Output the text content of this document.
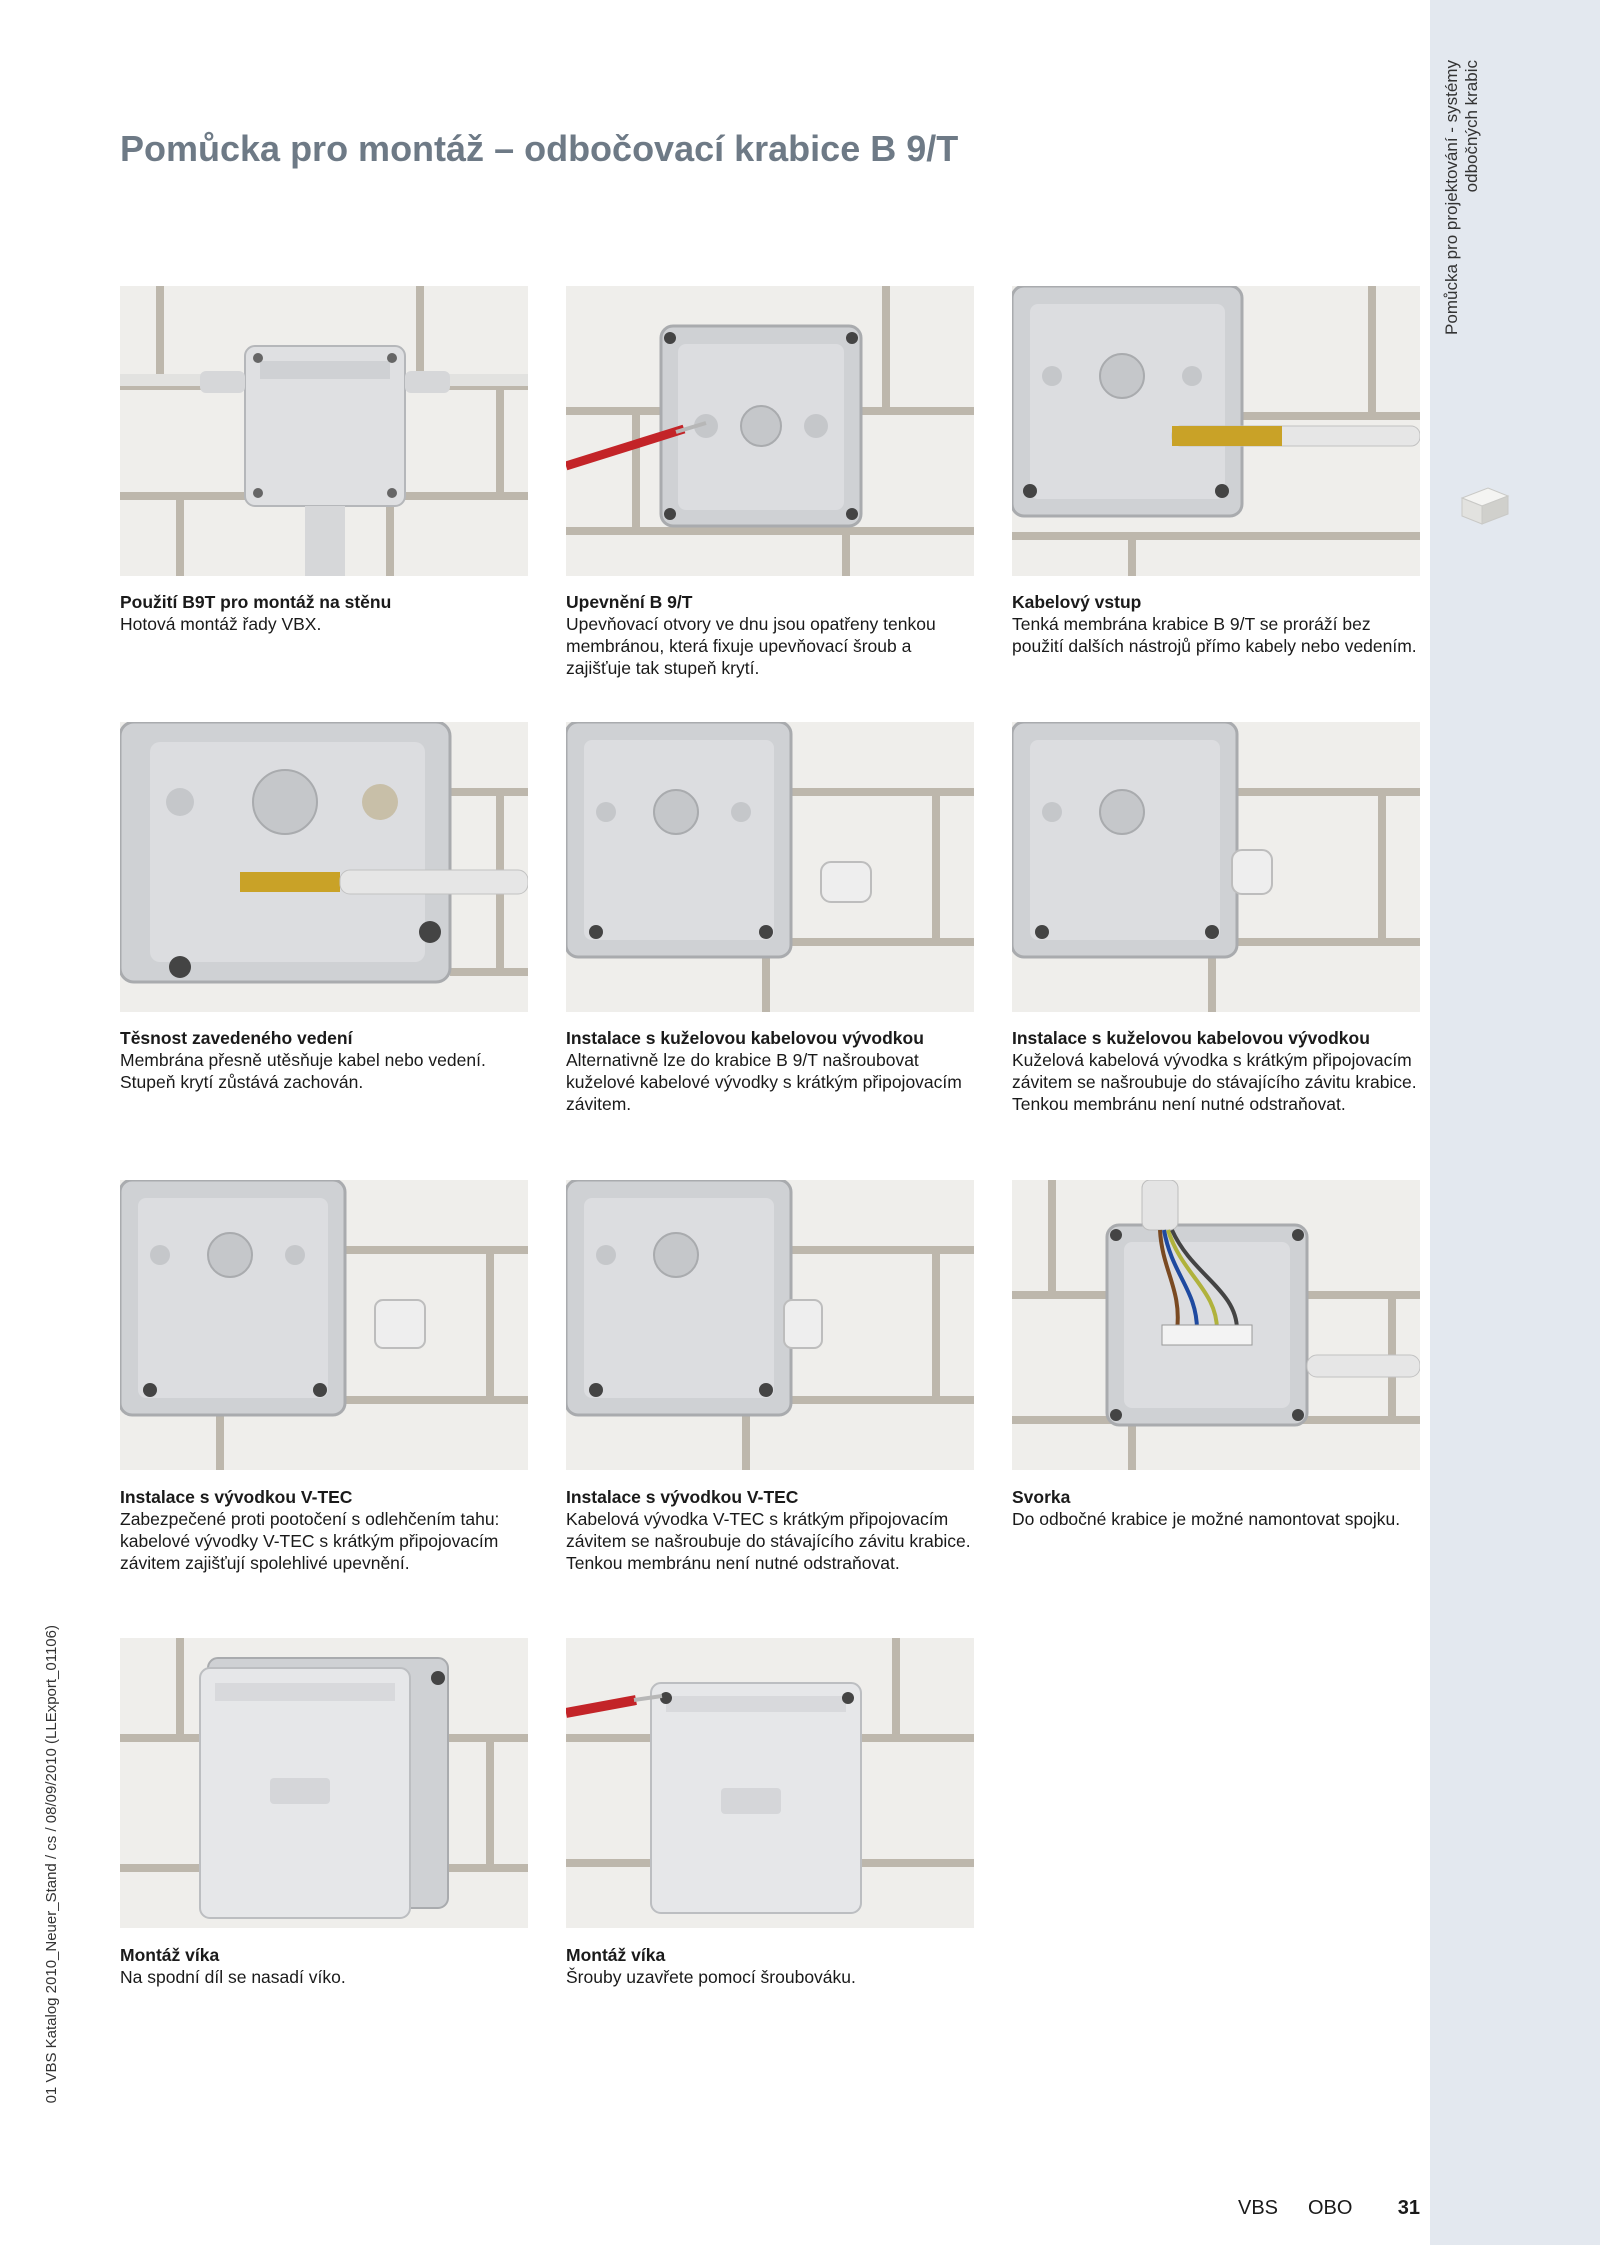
Pomůcka pro projektování - systémy odbočných krabic
Pomůcka pro montáž – odbočovací krabice B 9/T
Použití B9T pro montáž na stěnu
Hotová montáž řady VBX.
Upevnění B 9/T
Upevňovací otvory ve dnu jsou opatřeny tenkou membránou, která fixuje upevňovací šroub a zajišťuje tak stupeň krytí.
Kabelový vstup
Tenká membrána krabice B 9/T se proráží bez použití dalších nástrojů přímo kabely nebo vedením.
Těsnost zavedeného vedení
Membrána přesně utěsňuje kabel nebo vedení. Stupeň krytí zůstává zachován.
Instalace s kuželovou kabelovou vývodkou
Alternativně lze do krabice B 9/T našroubovat kuželové kabelové vývodky s krátkým připojovacím závitem.
Instalace s kuželovou kabelovou vývodkou
Kuželová kabelová vývodka s krátkým připojovacím závitem se našroubuje do stávajícího závitu krabice. Tenkou membránu není nutné odstraňovat.
Instalace s vývodkou V-TEC
Zabezpečené proti pootočení s odlehčením tahu: kabelové vývodky V-TEC s krátkým připojovacím závitem zajišťují spolehlivé upevnění.
Instalace s vývodkou V-TEC
Kabelová vývodka V-TEC s krátkým připojovacím závitem se našroubuje do stávajícího závitu krabice. Tenkou membránu není nutné odstraňovat.
Svorka
Do odbočné krabice je možné namontovat spojku.
Montáž víka
Na spodní díl se nasadí víko.
Montáž víka
Šrouby uzavřete pomocí šroubováku.
01 VBS Katalog 2010_Neuer_Stand / cs / 08/09/2010 (LLExport_01106)
VBS	OBO	31
